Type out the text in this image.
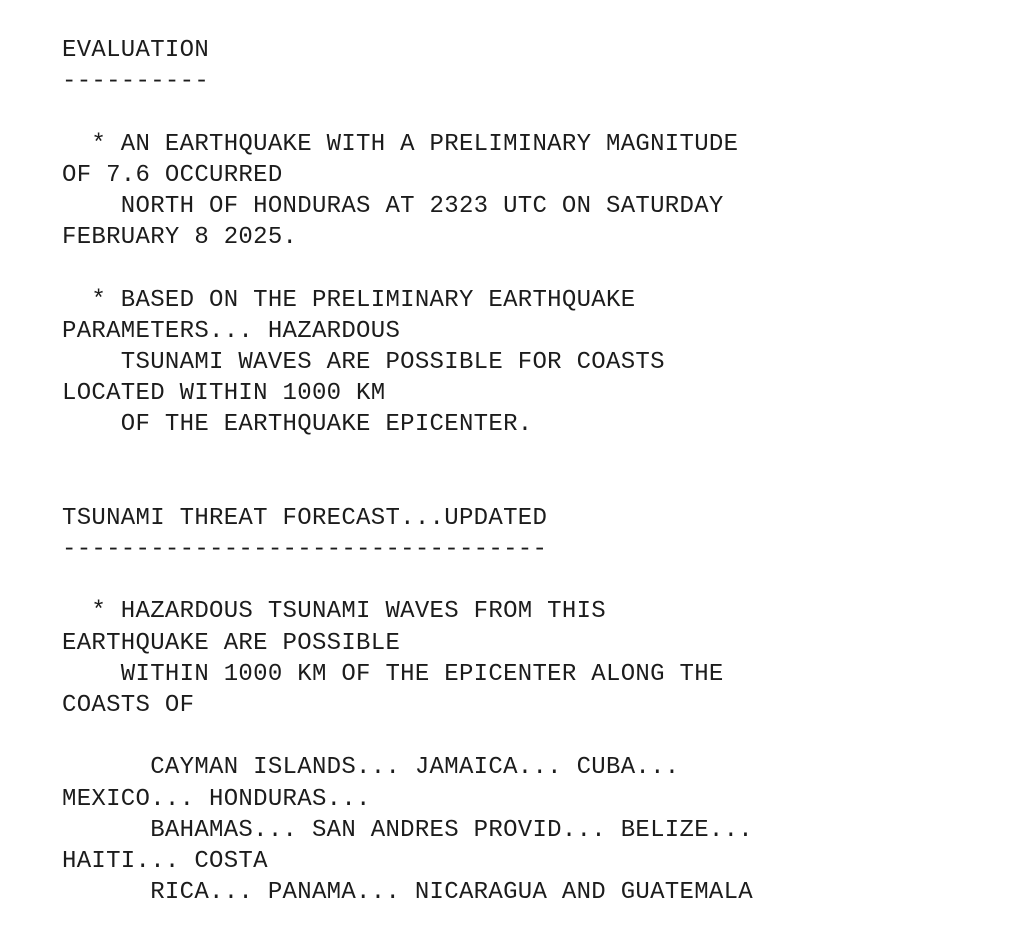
EVALUATION
----------
* AN EARTHQUAKE WITH A PRELIMINARY MAGNITUDE
OF 7.6 OCCURRED
NORTH OF HONDURAS AT 2323 UTC ON SATURDAY
FEBRUARY 8 2025.
* BASED ON THE PRELIMINARY EARTHQUAKE
PARAMETERS... HAZARDOUS
TSUNAMI WAVES ARE POSSIBLE FOR COASTS
LOCATED WITHIN 1000 KM
OF THE EARTHQUAKE EPICENTER.
TSUNAMI THREAT FORECAST...UPDATED
---------------------------------
* HAZARDOUS TSUNAMI WAVES FROM THIS
EARTHQUAKE ARE POSSIBLE
WITHIN 1000 KM OF THE EPICENTER ALONG THE
COASTS OF
CAYMAN ISLANDS... JAMAICA... CUBA...
MEXICO... HONDURAS...
BAHAMAS... SAN ANDRES PROVID... BELIZE...
HAITI... COSTA
RICA... PANAMA... NICARAGUA AND GUATEMALA
